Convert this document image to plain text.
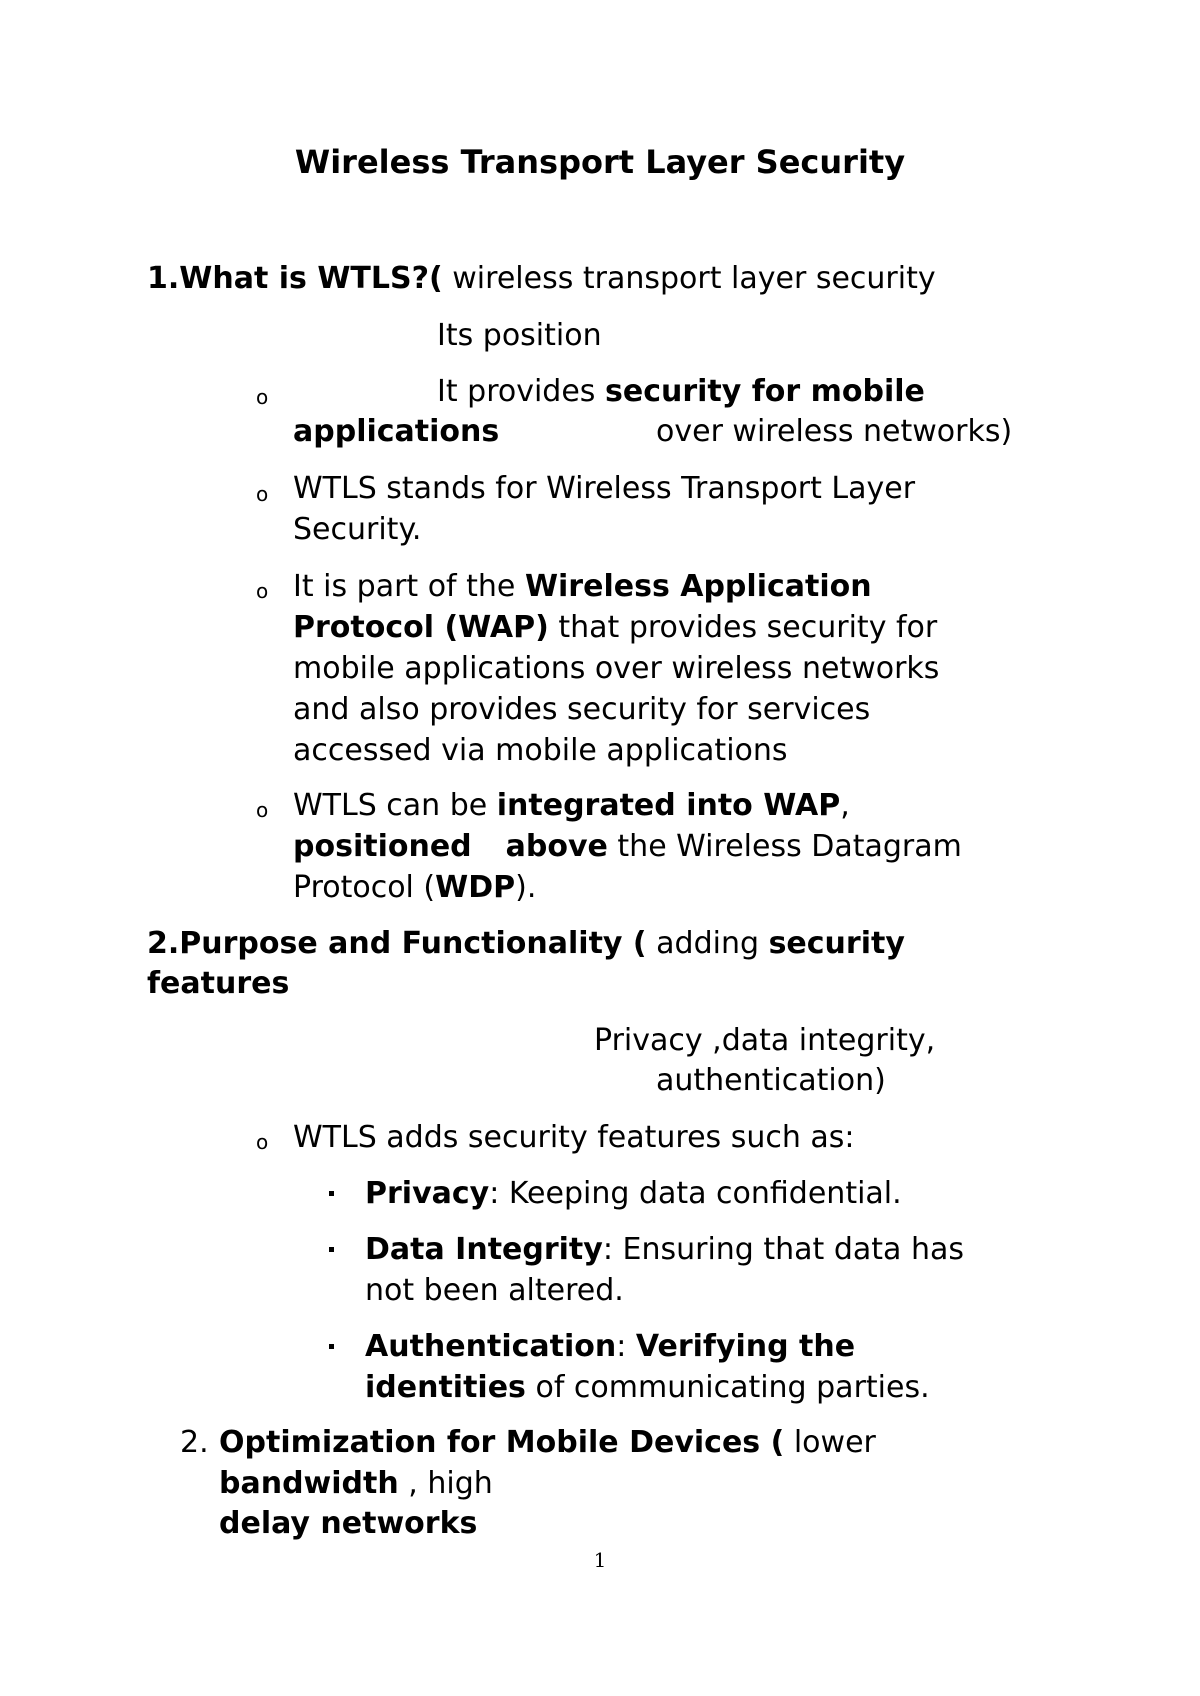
Wireless Transport Layer Security

1.What is WTLS?( wireless transport layer security

Its position

o	It provides security for mobile

applications	over wireless networks)

o WTLS stands for Wireless Transport Layer

Security.

o It is part of the Wireless Application

Protocol (WAP) that provides security for

mobile applications over wireless networks

and also provides security for services

accessed via mobile applications

o WTLS can be integrated into WAP,

positioned above the Wireless Datagram

Protocol (WDP).

2.Purpose and Functionality ( adding security

features

Privacy ,data integrity,

authentication)

o WTLS adds security features such as:

Privacy: Keeping data confidential.

Data Integrity: Ensuring that data has

not been altered.

Authentication: Verifying the

identities of communicating parties.

2. Optimization for Mobile Devices ( lower

bandwidth , high

delay networks

1
